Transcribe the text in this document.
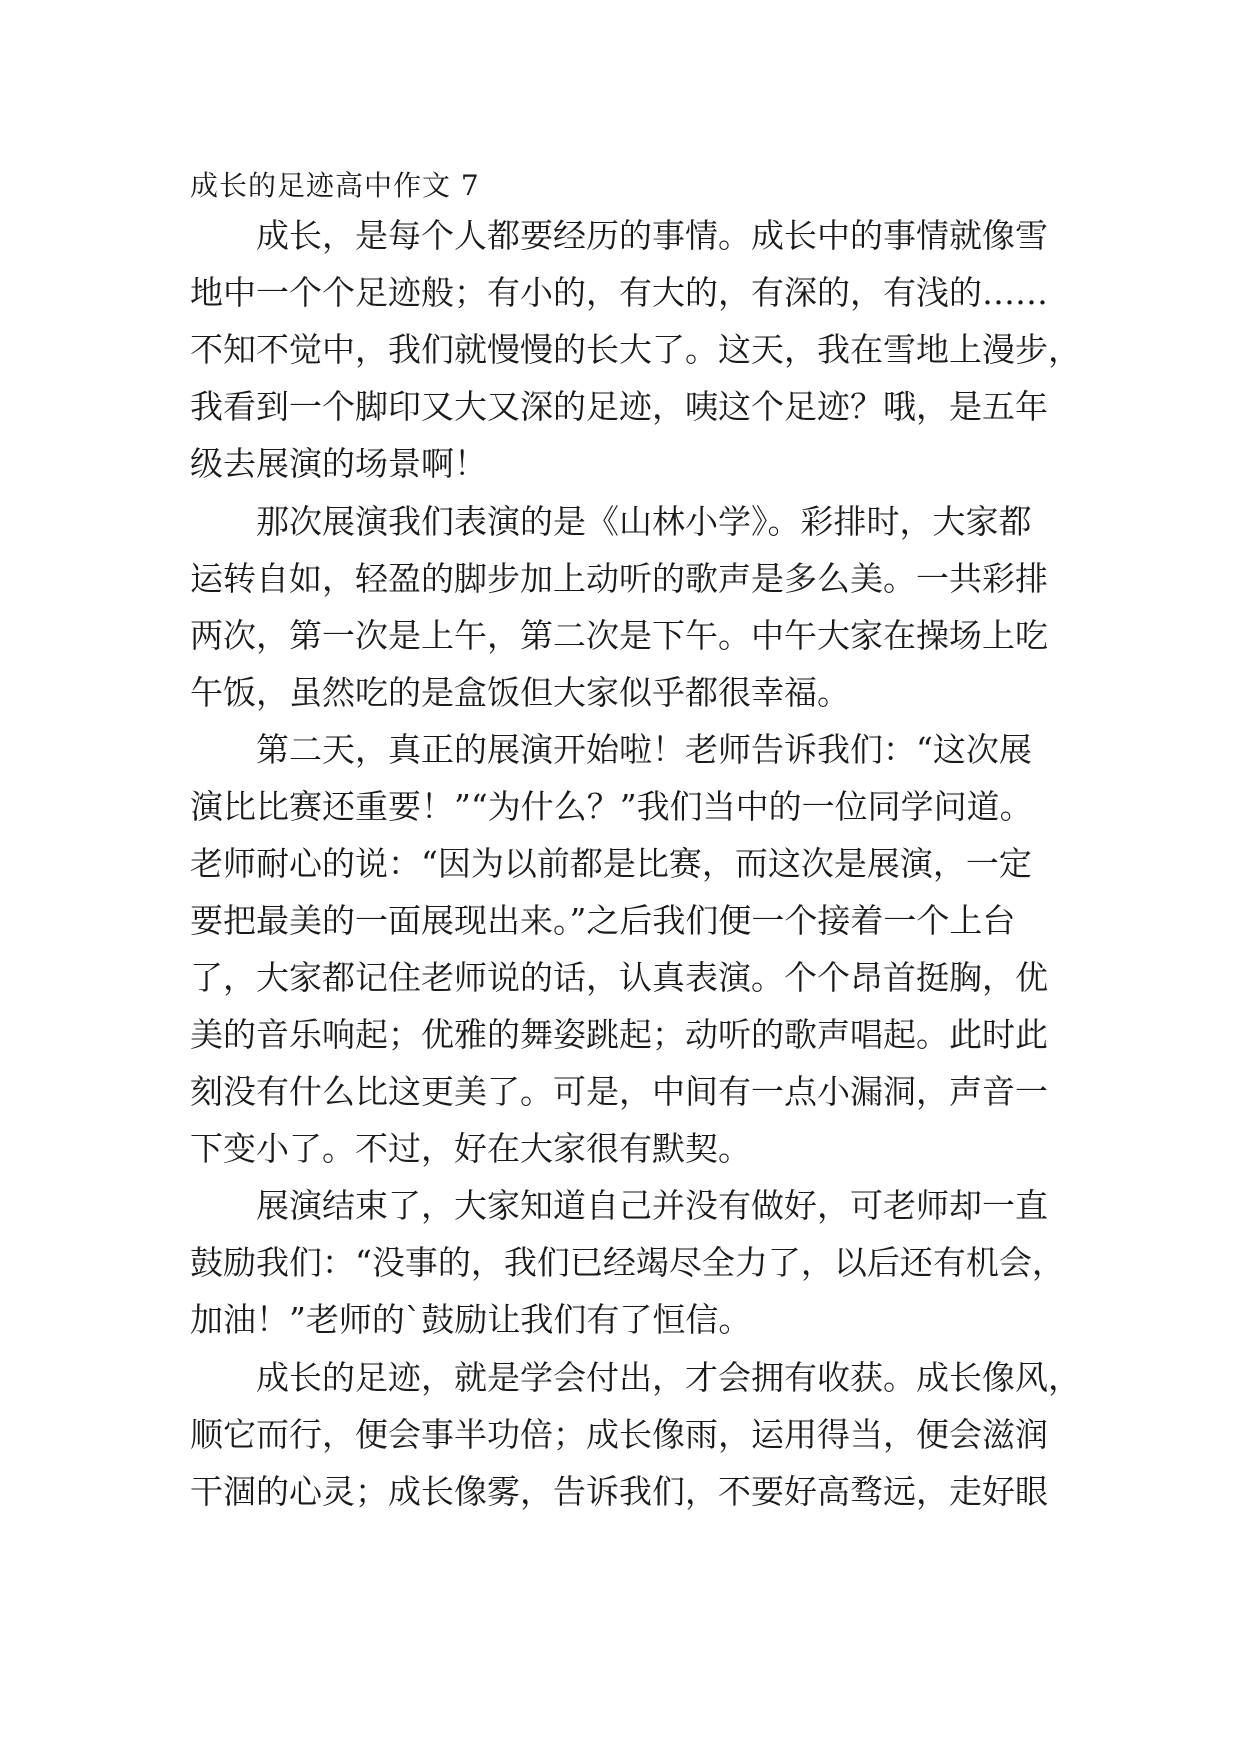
成长的足迹高中作文 7
成长，是每个人都要经历的事情。成长中的事情就像雪
地中一个个足迹般；有小的，有大的，有深的，有浅的……
不知不觉中，我们就慢慢的长大了。这天，我在雪地上漫步，
我看到一个脚印又大又深的足迹，咦这个足迹？哦，是五年
级去展演的场景啊！
那次展演我们表演的是《山林小学》。彩排时，大家都
运转自如，轻盈的脚步加上动听的歌声是多么美。一共彩排
两次，第一次是上午，第二次是下午。中午大家在操场上吃
午饭，虽然吃的是盒饭但大家似乎都很幸福。
第二天，真正的展演开始啦！老师告诉我们：“这次展
演比比赛还重要！”“为什么？”我们当中的一位同学问道。
老师耐心的说：“因为以前都是比赛，而这次是展演，一定
要把最美的一面展现出来。”之后我们便一个接着一个上台
了，大家都记住老师说的话，认真表演。个个昂首挺胸，优
美的音乐响起；优雅的舞姿跳起；动听的歌声唱起。此时此
刻没有什么比这更美了。可是，中间有一点小漏洞，声音一
下变小了。不过，好在大家很有默契。
展演结束了，大家知道自己并没有做好，可老师却一直
鼓励我们：“没事的，我们已经竭尽全力了，以后还有机会，
加油！”老师的`鼓励让我们有了恒信。
成长的足迹，就是学会付出，才会拥有收获。成长像风，
顺它而行，便会事半功倍；成长像雨，运用得当，便会滋润
干涸的心灵；成长像雾，告诉我们，不要好高骛远，走好眼
